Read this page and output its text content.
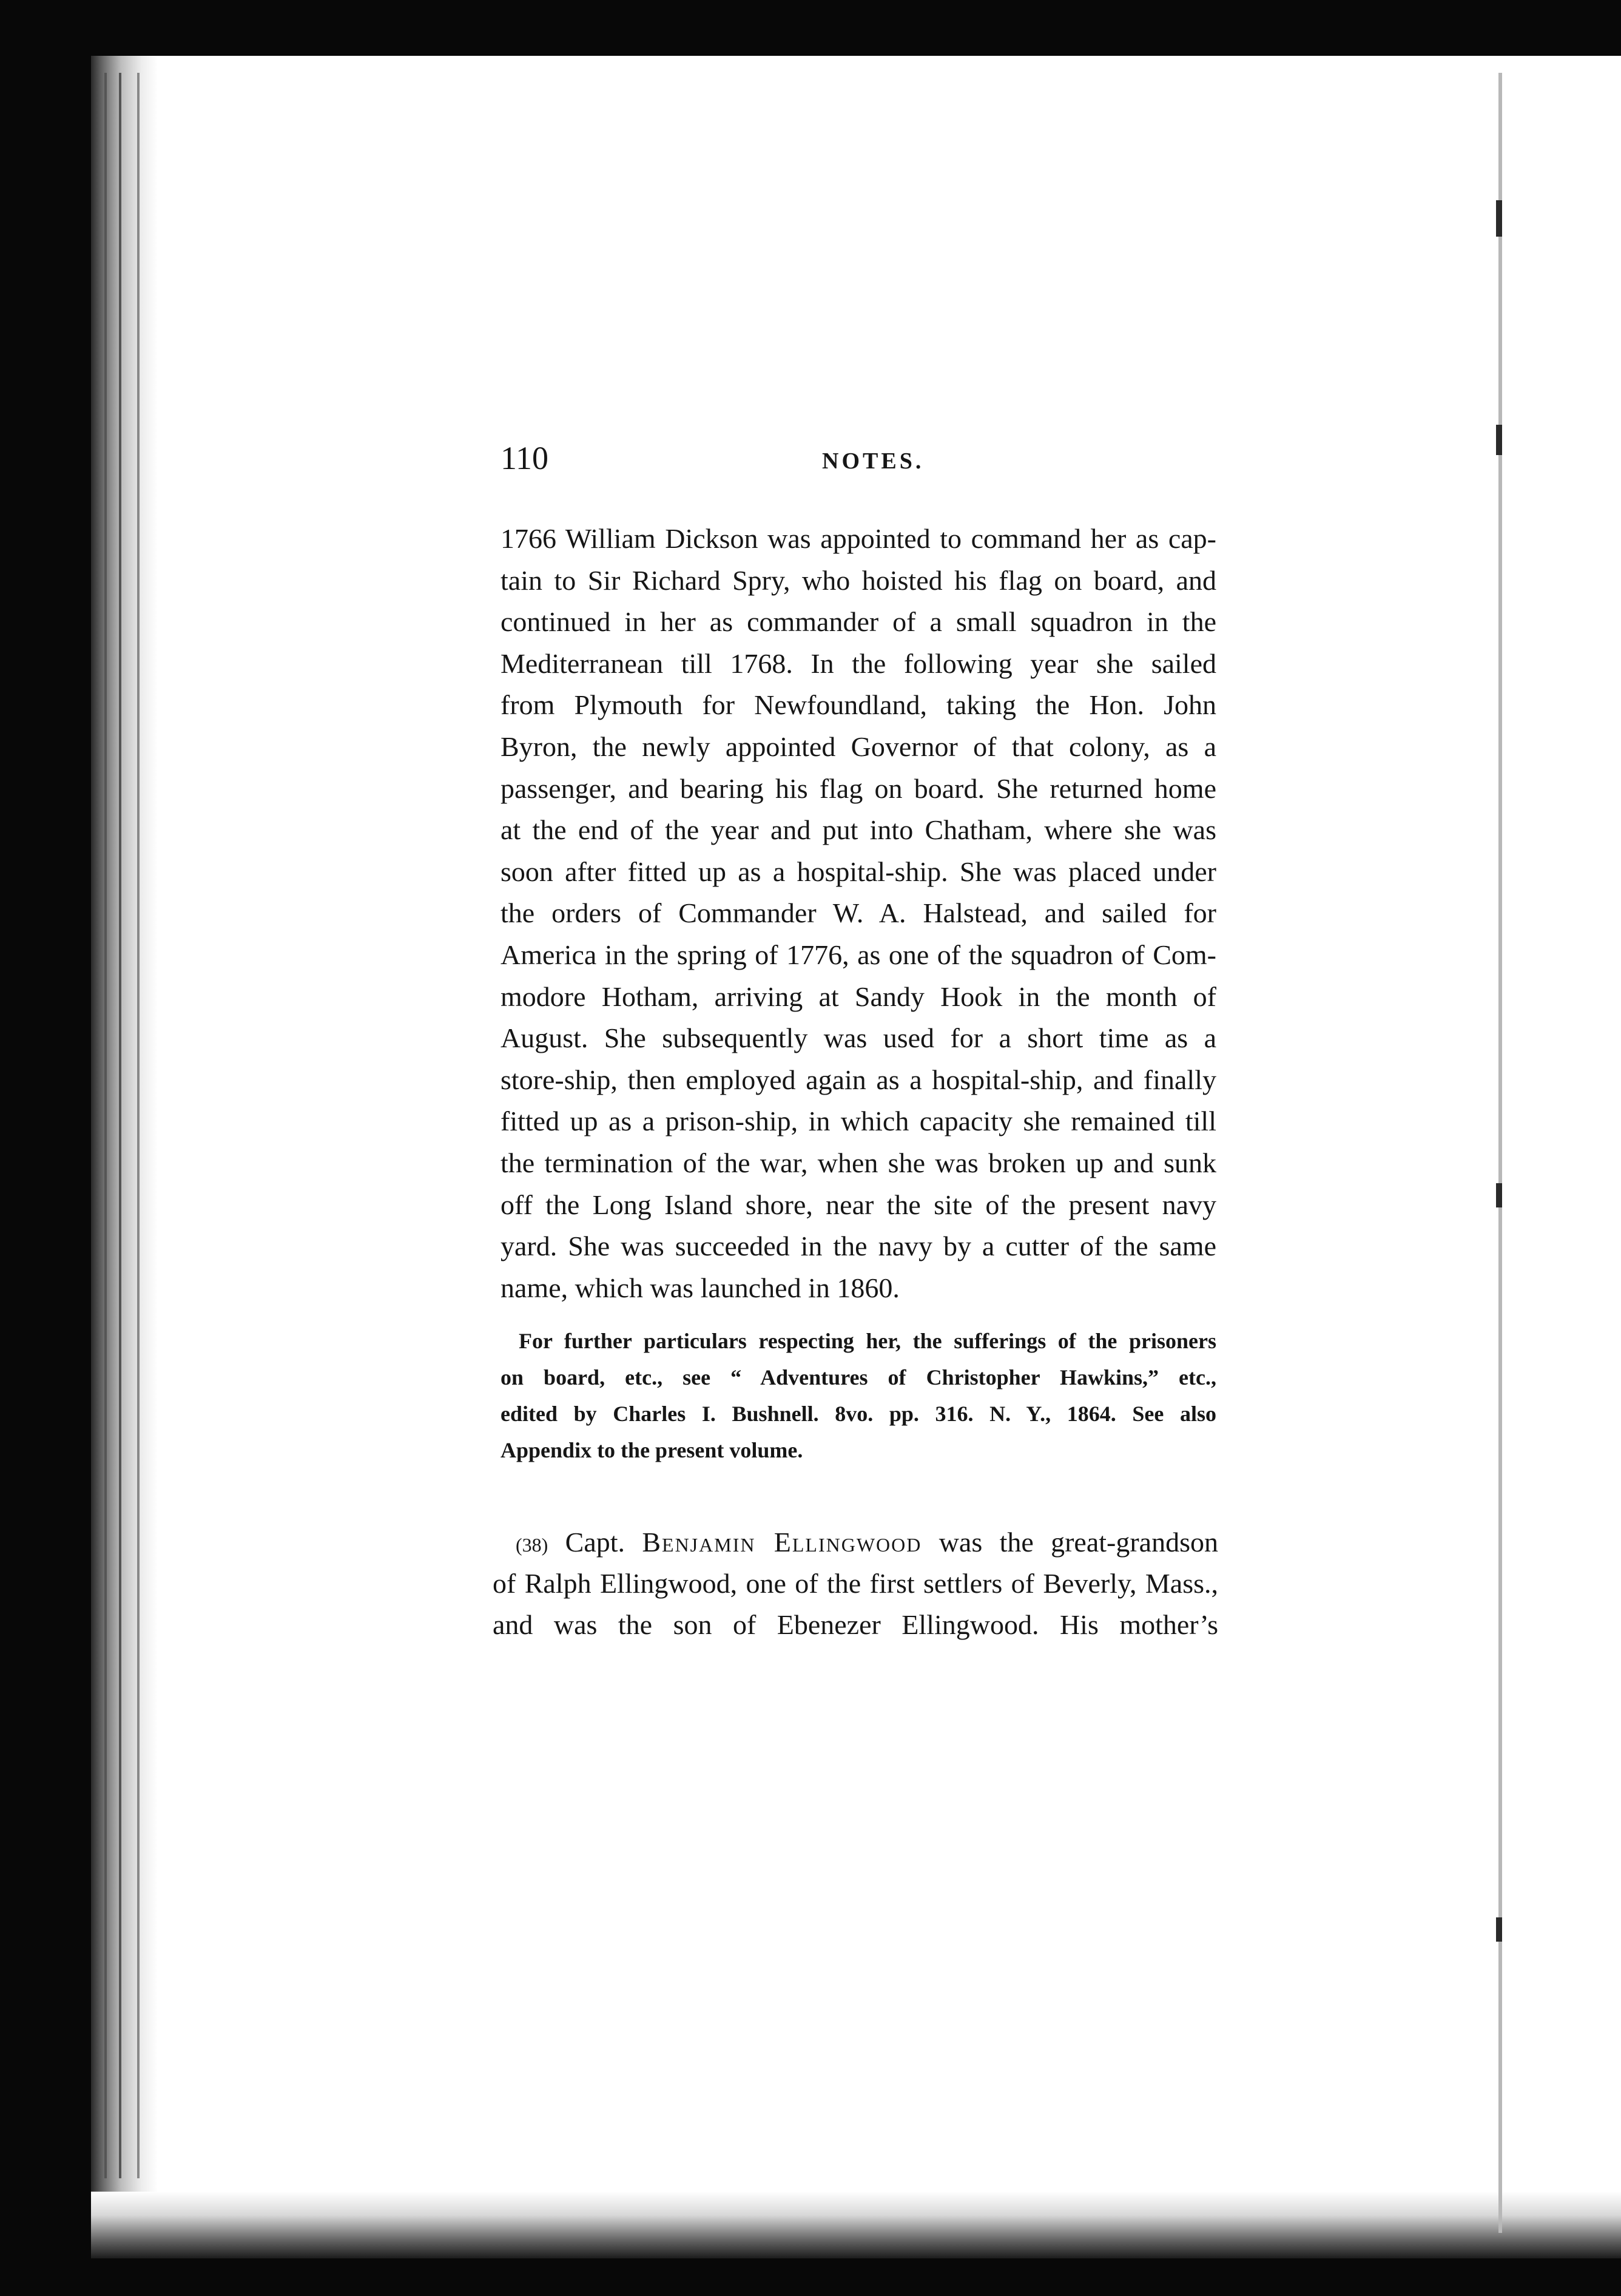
110	NOTES.
1766 William Dickson was appointed to command her as cap-
tain to Sir Richard Spry, who hoisted his flag on board, and
continued in her as commander of a small squadron in the
Mediterranean till 1768. In the following year she sailed
from Plymouth for Newfoundland, taking the Hon. John
Byron, the newly appointed Governor of that colony, as a
passenger, and bearing his flag on board. She returned home
at the end of the year and put into Chatham, where she was
soon after fitted up as a hospital-ship. She was placed under
the orders of Commander W. A. Halstead, and sailed for
America in the spring of 1776, as one of the squadron of Com-
modore Hotham, arriving at Sandy Hook in the month of
August. She subsequently was used for a short time as a
store-ship, then employed again as a hospital-ship, and finally
fitted up as a prison-ship, in which capacity she remained till
the termination of the war, when she was broken up and sunk
off the Long Island shore, near the site of the present navy
yard. She was succeeded in the navy by a cutter of the same
name, which was launched in 1860.
For further particulars respecting her, the sufferings of the prisoners
on board, etc., see “ Adventures of Christopher Hawkins,” etc.,
edited by Charles I. Bushnell. 8vo. pp. 316. N. Y., 1864. See also
Appendix to the present volume.
(38) Capt. Benjamin Ellingwood was the great-grandson
of Ralph Ellingwood, one of the first settlers of Beverly, Mass.,
and was the son of Ebenezer Ellingwood. His mother’s
